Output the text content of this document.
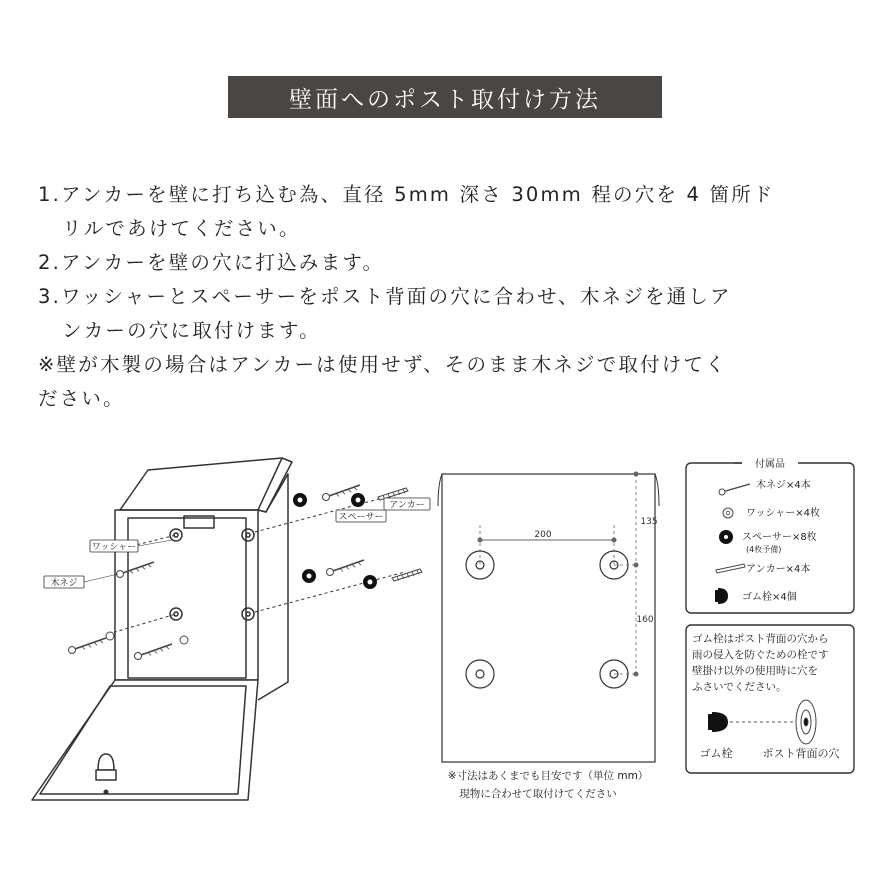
壁面へのポスト取付け方法

1.アンカーを壁に打ち込む為、直径 5mm 深さ 30mm 程の穴を 4 箇所ド

リルであけてください。

2.アンカーを壁の穴に打込みます。

3.ワッシャーとスペーサーをポスト背面の穴に合わせ、木ネジを通しア

ンカーの穴に取付けます。

※壁が木製の場合はアンカーは使用せず、そのまま木ネジで取付けてく

ださい。

ワッシャー
木ネジ
スペーサー
アンカー
200
135
160
※寸法はあくまでも目安です（単位 mm）
現物に合わせて取付けてください
付属品
木ネジ×4本
ワッシャー×4枚
スペーサー×8枚
(4枚予備)
アンカー×4本
ゴム栓×4個
ゴム栓はポスト背面の穴から
雨の侵入を防ぐための栓です
壁掛け以外の使用時に穴を
ふさいでください。
ゴム栓	ポスト背面の穴
